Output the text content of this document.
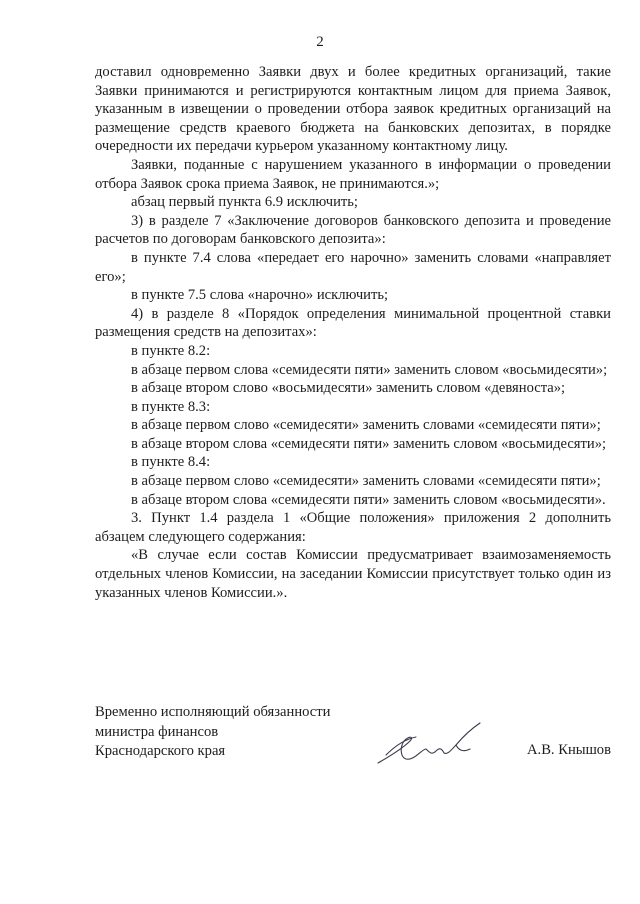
2

доставил одновременно Заявки двух и более кредитных организаций, такие Заявки принимаются и регистрируются контактным лицом для приема Заявок, указанным в извещении о проведении отбора заявок кредитных организаций на размещение средств краевого бюджета на банковских депозитах, в порядке очередности их передачи курьером указанному контактному лицу.

Заявки, поданные с нарушением указанного в информации о проведении отбора Заявок срока приема Заявок, не принимаются.»;

абзац первый пункта 6.9 исключить;

3) в разделе 7 «Заключение договоров банковского депозита и проведение расчетов по договорам банковского депозита»:

в пункте 7.4 слова «передает его нарочно» заменить словами «направляет его»;

в пункте 7.5 слова «нарочно» исключить;

4) в разделе 8 «Порядок определения минимальной процентной ставки размещения средств на депозитах»:

в пункте 8.2:

в абзаце первом слова «семидесяти пяти» заменить словом «восьмидесяти»;

в абзаце втором слово «восьмидесяти» заменить словом «девяноста»;

в пункте 8.3:

в абзаце первом слово «семидесяти» заменить словами «семидесяти пяти»;

в абзаце втором слова «семидесяти пяти» заменить словом «восьмидесяти»;

в пункте 8.4:

в абзаце первом слово «семидесяти» заменить словами «семидесяти пяти»;

в абзаце втором слова «семидесяти пяти» заменить словом «восьмидесяти».

3. Пункт 1.4 раздела 1 «Общие положения» приложения 2 дополнить абзацем следующего содержания:

«В случае если состав Комиссии предусматривает взаимозаменяемость отдельных членов Комиссии, на заседании Комиссии присутствует только один из указанных членов Комиссии.».

Временно исполняющий обязанности
министра финансов
Краснодарского края	А.В. Кнышов
